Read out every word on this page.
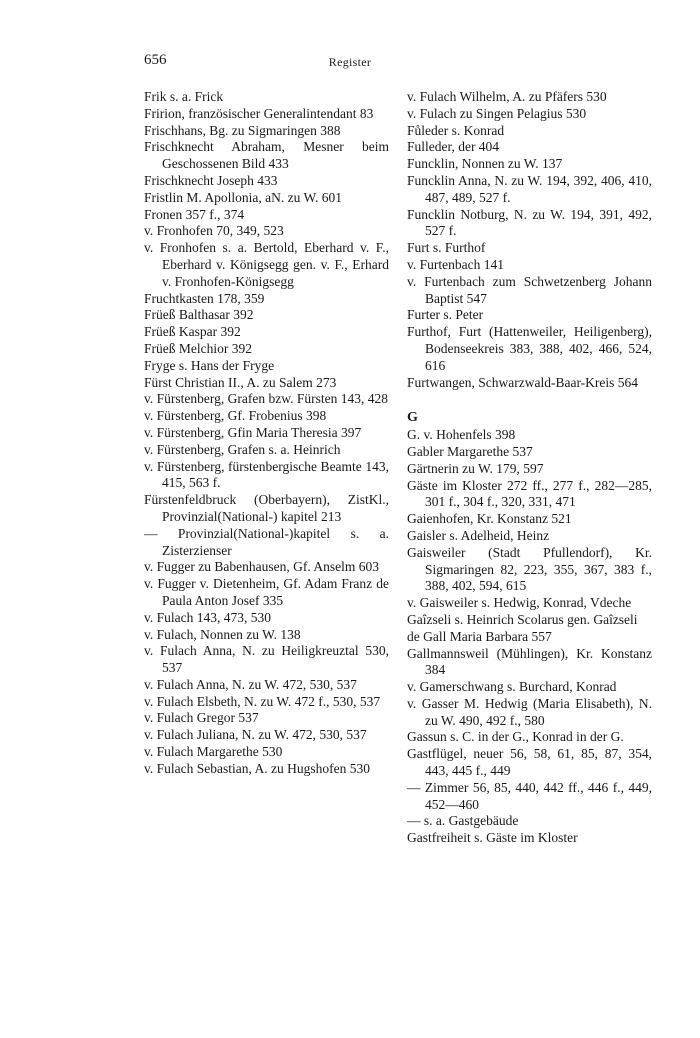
656	Register

Frik s. a. Frick

Fririon, französischer Generalintendant 83

Frischhans, Bg. zu Sigmaringen 388

Frischknecht Abraham, Mesner beim Geschossenen Bild 433

Frischknecht Joseph 433

Fristlin M. Apollonia, aN. zu W. 601

Fronen 357 f., 374

v. Fronhofen 70, 349, 523

v. Fronhofen s. a. Bertold, Eberhard v. F., Eberhard v. Königsegg gen. v. F., Erhard v. Fronhofen-Königsegg

Fruchtkasten 178, 359

Früeß Balthasar 392

Früeß Kaspar 392

Früeß Melchior 392

Fryge s. Hans der Fryge

Fürst Christian II., A. zu Salem 273

v. Fürstenberg, Grafen bzw. Fürsten 143, 428

v. Fürstenberg, Gf. Frobenius 398

v. Fürstenberg, Gfin Maria Theresia 397

v. Fürstenberg, Grafen s. a. Heinrich

v. Fürstenberg, fürstenbergische Beamte 143, 415, 563 f.

Fürstenfeldbruck (Oberbayern), ZistKl., Provinzial(National-) kapitel 213

— Provinzial(National-)kapitel s. a. Zisterzienser

v. Fugger zu Babenhausen, Gf. Anselm 603

v. Fugger v. Dietenheim, Gf. Adam Franz de Paula Anton Josef 335

v. Fulach 143, 473, 530

v. Fulach, Nonnen zu W. 138

v. Fulach Anna, N. zu Heiligkreuztal 530, 537

v. Fulach Anna, N. zu W. 472, 530, 537

v. Fulach Elsbeth, N. zu W. 472 f., 530, 537

v. Fulach Gregor 537

v. Fulach Juliana, N. zu W. 472, 530, 537

v. Fulach Margarethe 530

v. Fulach Sebastian, A. zu Hugshofen 530

v. Fulach Wilhelm, A. zu Pfäfers 530

v. Fulach zu Singen Pelagius 530

Fůleder s. Konrad

Fulleder, der 404

Funcklin, Nonnen zu W. 137

Funcklin Anna, N. zu W. 194, 392, 406, 410, 487, 489, 527 f.

Funcklin Notburg, N. zu W. 194, 391, 492, 527 f.

Furt s. Furthof

v. Furtenbach 141

v. Furtenbach zum Schwetzenberg Johann Baptist 547

Furter s. Peter

Furthof, Furt (Hattenweiler, Heiligenberg), Bodenseekreis 383, 388, 402, 466, 524, 616

Furtwangen, Schwarzwald-Baar-Kreis 564

G

G. v. Hohenfels 398

Gabler Margarethe 537

Gärtnerin zu W. 179, 597

Gäste im Kloster 272 ff., 277 f., 282—285, 301 f., 304 f., 320, 331, 471

Gaienhofen, Kr. Konstanz 521

Gaisler s. Adelheid, Heinz

Gaisweiler (Stadt Pfullendorf), Kr. Sigmaringen 82, 223, 355, 367, 383 f., 388, 402, 594, 615

v. Gaisweiler s. Hedwig, Konrad, Vdeche

Gaîzseli s. Heinrich Scolarus gen. Gaîzseli

de Gall Maria Barbara 557

Gallmannsweil (Mühlingen), Kr. Konstanz 384

v. Gamerschwang s. Burchard, Konrad

v. Gasser M. Hedwig (Maria Elisabeth), N. zu W. 490, 492 f., 580

Gassun s. C. in der G., Konrad in der G.

Gastflügel, neuer 56, 58, 61, 85, 87, 354, 443, 445 f., 449

— Zimmer 56, 85, 440, 442 ff., 446 f., 449, 452—460

— s. a. Gastgebäude

Gastfreiheit s. Gäste im Kloster
